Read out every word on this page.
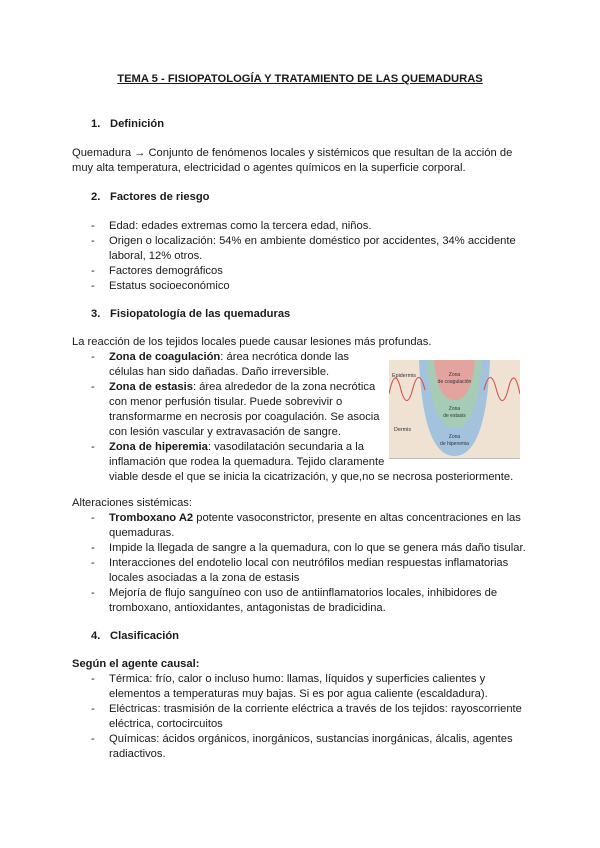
TEMA 5 - FISIOPATOLOGÍA Y TRATAMIENTO DE LAS QUEMADURAS
1. Definición
Quemadura → Conjunto de fenómenos locales y sistémicos que resultan de la acción de
muy alta temperatura, electricidad o agentes químicos en la superficie corporal.
2. Factores de riesgo
- Edad: edades extremas como la tercera edad, niños.
- Origen o localización: 54% en ambiente doméstico por accidentes, 34% accidente
laboral, 12% otros.
- Factores demográficos
- Estatus socioeconómico
3. Fisiopatología de las quemaduras
La reacción de los tejidos locales puede causar lesiones más profundas.
- Zona de coagulación: área necrótica donde las
células han sido dañadas. Daño irreversible.
- Zona de estasis: área alrededor de la zona necrótica
con menor perfusión tisular. Puede sobrevivir o
transformarme en necrosis por coagulación. Se asocia
con lesión vascular y extravasación de sangre.
- Zona de hiperemia: vasodilatación secundaria a la
inflamación que rodea la quemadura. Tejido claramente
viable desde el que se inicia la cicatrización, y que,no se necrosa posteriormente.
Epidermis
Dermis
Zona
de coagulación
Zona
de estasis
Zona
de hiperemia
Alteraciones sistémicas:
- Tromboxano A2 potente vasoconstrictor, presente en altas concentraciones en las
quemaduras.
- Impide la llegada de sangre a la quemadura, con lo que se genera más daño tisular.
- Interacciones del endotelio local con neutrófilos median respuestas inflamatorias
locales asociadas a la zona de estasis
- Mejoría de flujo sanguíneo con uso de antiinflamatorios locales, inhibidores de
tromboxano, antioxidantes, antagonistas de bradicidina.
4. Clasificación
Según el agente causal:
- Térmica: frío, calor o incluso humo: llamas, líquidos y superficies calientes y
elementos a temperaturas muy bajas. Si es por agua caliente (escaldadura).
- Eléctricas: trasmisión de la corriente eléctrica a través de los tejidos: rayoscorriente
eléctrica, cortocircuitos
- Químicas: ácidos orgánicos, inorgánicos, sustancias inorgánicas, álcalis, agentes
radiactivos.
